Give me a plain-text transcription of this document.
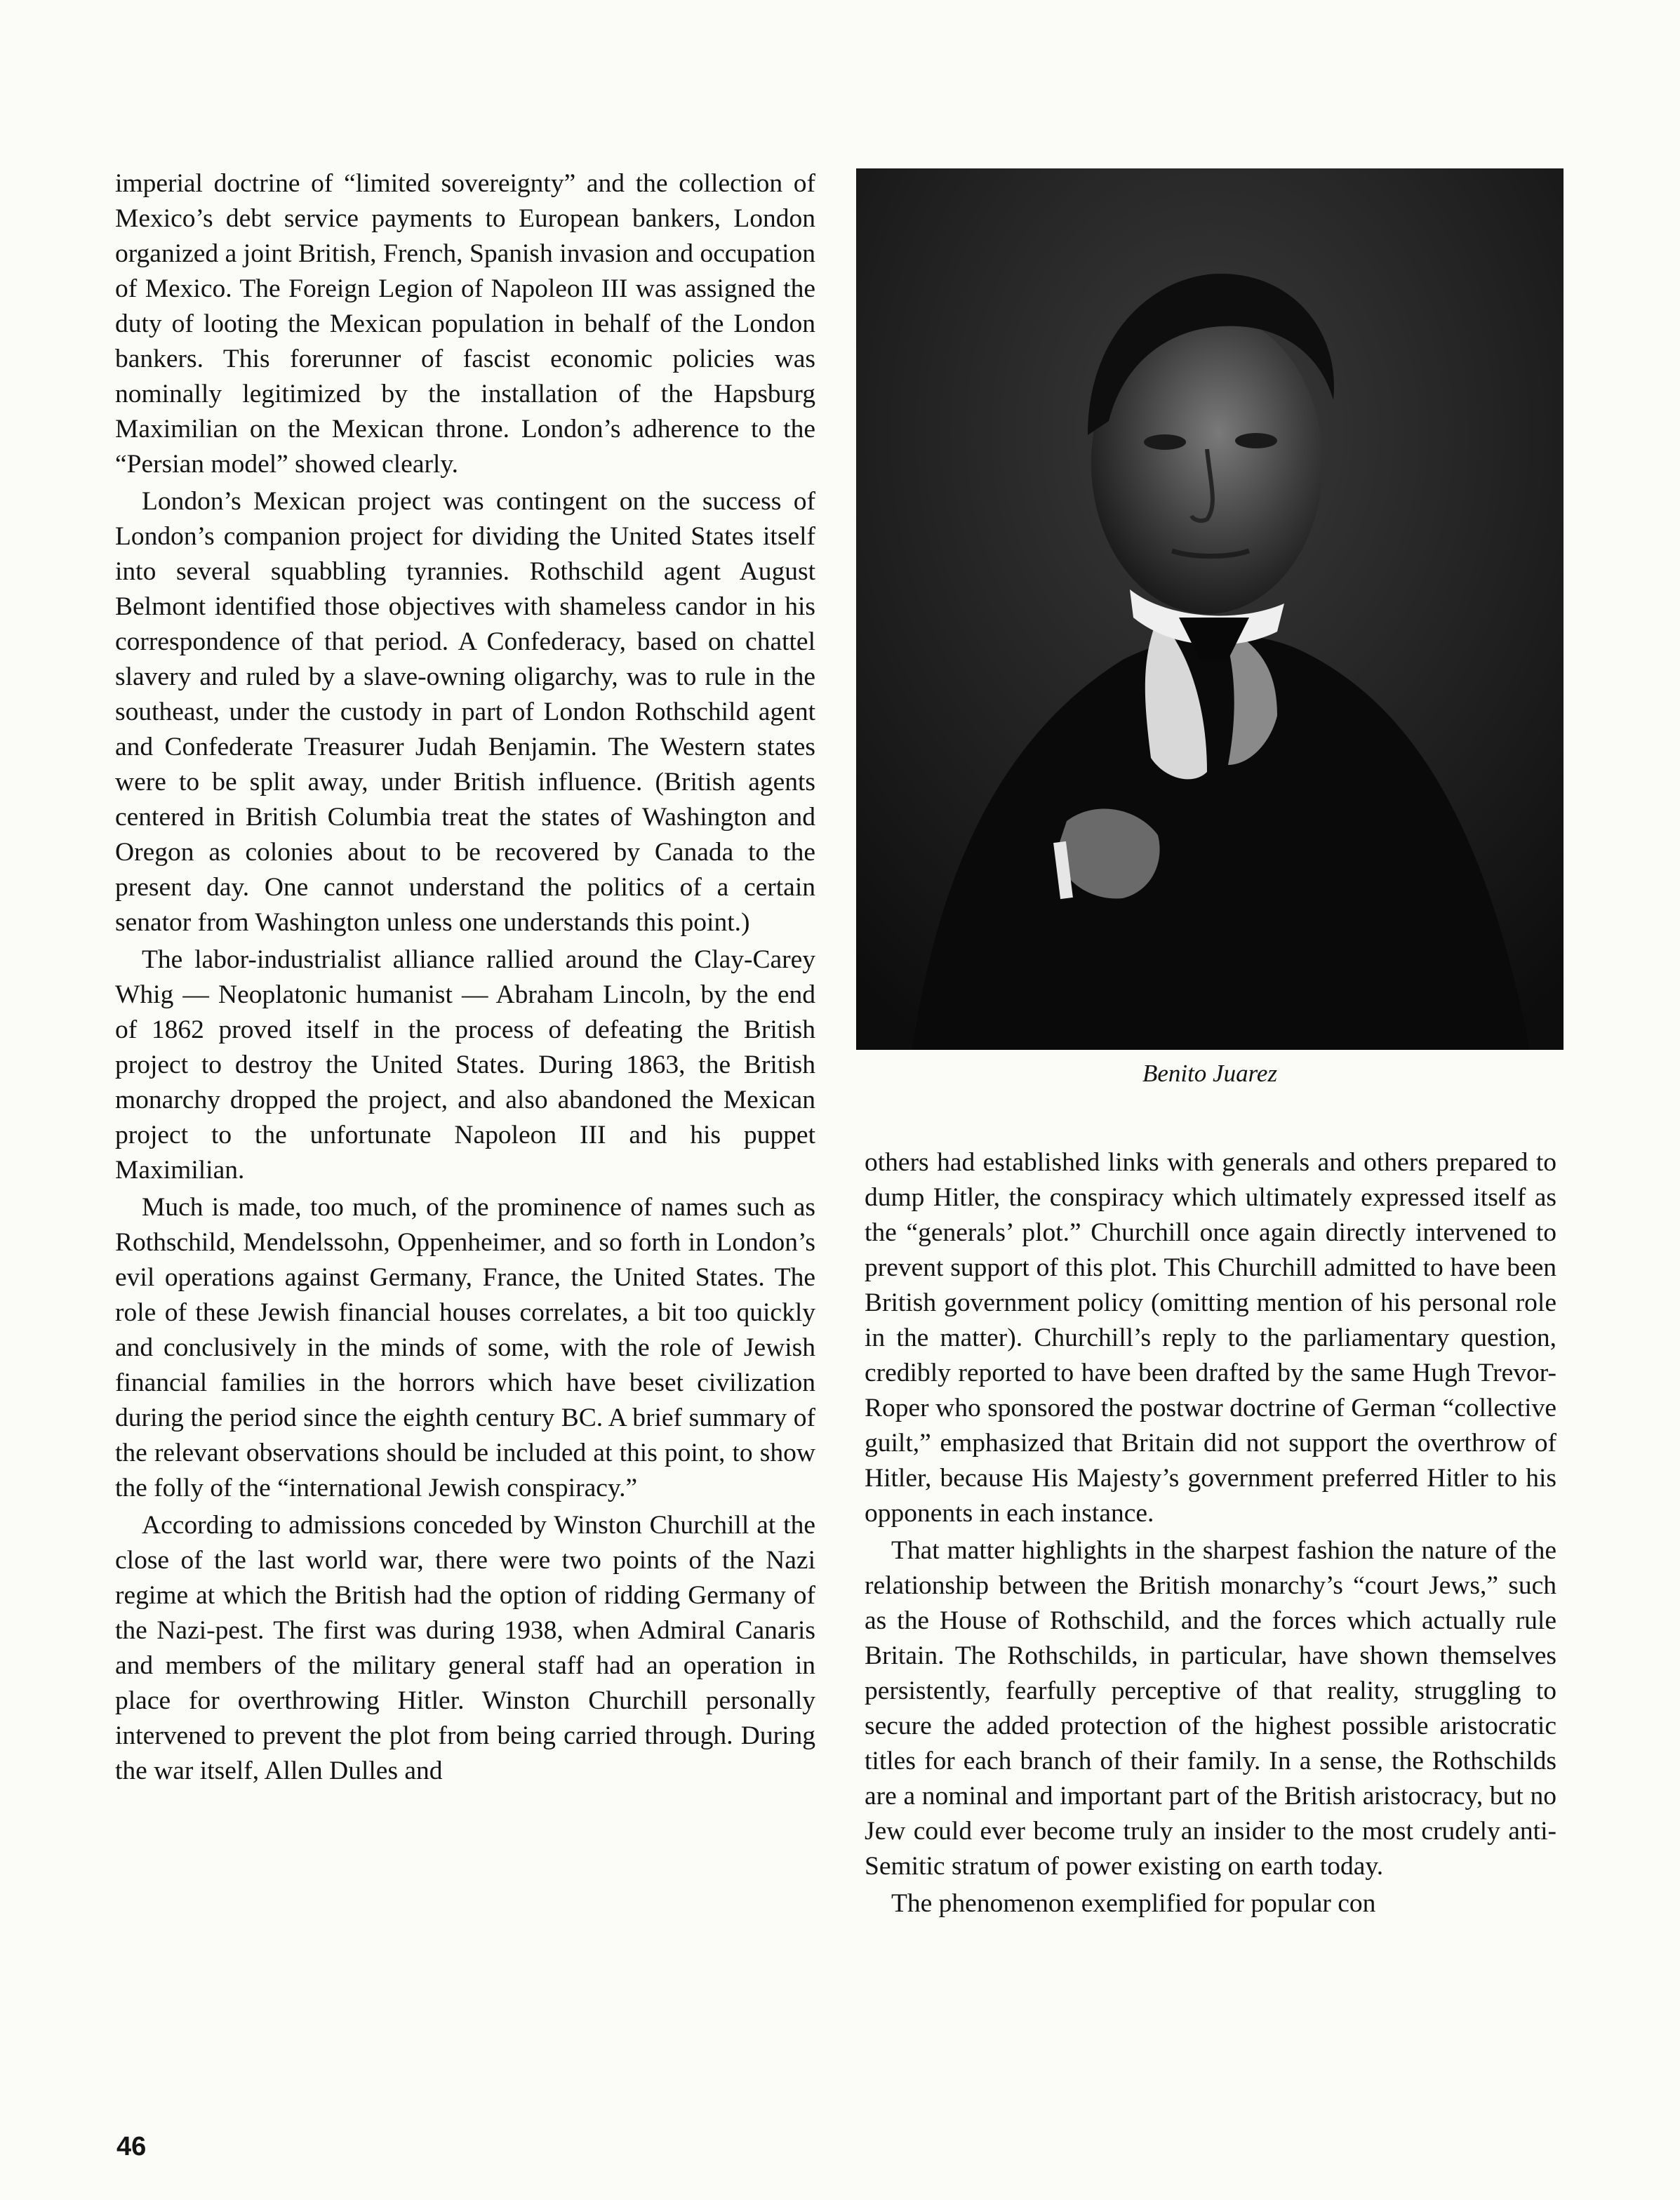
imperial doctrine of “limited sovereignty” and the collection of Mexico’s debt service payments to European bankers, London organized a joint British, French, Spanish invasion and occupation of Mexico. The Foreign Legion of Napoleon III was assigned the duty of looting the Mexican population in behalf of the London bankers. This forerunner of fascist economic policies was nominally legitimized by the installation of the Hapsburg Maximilian on the Mexican throne. London’s adherence to the “Persian model” showed clearly.

London’s Mexican project was contingent on the success of London’s companion project for dividing the United States itself into several squabbling tyrannies. Rothschild agent August Belmont identified those objectives with shameless candor in his correspondence of that period. A Confederacy, based on chattel slavery and ruled by a slave-owning oligarchy, was to rule in the southeast, under the custody in part of London Rothschild agent and Confederate Treasurer Judah Benjamin. The Western states were to be split away, under British influence. (British agents centered in British Columbia treat the states of Washington and Oregon as colonies about to be recovered by Canada to the present day. One cannot understand the politics of a certain senator from Washington unless one understands this point.)

The labor-industrialist alliance rallied around the Clay-Carey Whig — Neoplatonic humanist — Abraham Lincoln, by the end of 1862 proved itself in the process of defeating the British project to destroy the United States. During 1863, the British monarchy dropped the project, and also abandoned the Mexican project to the unfortunate Napoleon III and his puppet Maximilian.

Much is made, too much, of the prominence of names such as Rothschild, Mendelssohn, Oppenheimer, and so forth in London’s evil operations against Germany, France, the United States. The role of these Jewish financial houses correlates, a bit too quickly and conclusively in the minds of some, with the role of Jewish financial families in the horrors which have beset civilization during the period since the eighth century BC. A brief summary of the relevant observations should be included at this point, to show the folly of the “international Jewish conspiracy.”

According to admissions conceded by Winston Churchill at the close of the last world war, there were two points of the Nazi regime at which the British had the option of ridding Germany of the Nazi-pest. The first was during 1938, when Admiral Canaris and members of the military general staff had an operation in place for overthrowing Hitler. Winston Churchill personally intervened to prevent the plot from being carried through. During the war itself, Allen Dulles and

Benito Juarez

others had established links with generals and others prepared to dump Hitler, the conspiracy which ultimately expressed itself as the “generals’ plot.” Churchill once again directly intervened to prevent support of this plot. This Churchill admitted to have been British government policy (omitting mention of his personal role in the matter). Churchill’s reply to the parliamentary question, credibly reported to have been drafted by the same Hugh Trevor-Roper who sponsored the postwar doctrine of German “collective guilt,” emphasized that Britain did not support the overthrow of Hitler, because His Majesty’s government preferred Hitler to his opponents in each instance.

That matter highlights in the sharpest fashion the nature of the relationship between the British monarchy’s “court Jews,” such as the House of Rothschild, and the forces which actually rule Britain. The Rothschilds, in particular, have shown themselves persistently, fearfully perceptive of that reality, struggling to secure the added protection of the highest possible aristocratic titles for each branch of their family. In a sense, the Rothschilds are a nominal and important part of the British aristocracy, but no Jew could ever become truly an insider to the most crudely anti-Semitic stratum of power existing on earth today.

The phenomenon exemplified for popular con

46
